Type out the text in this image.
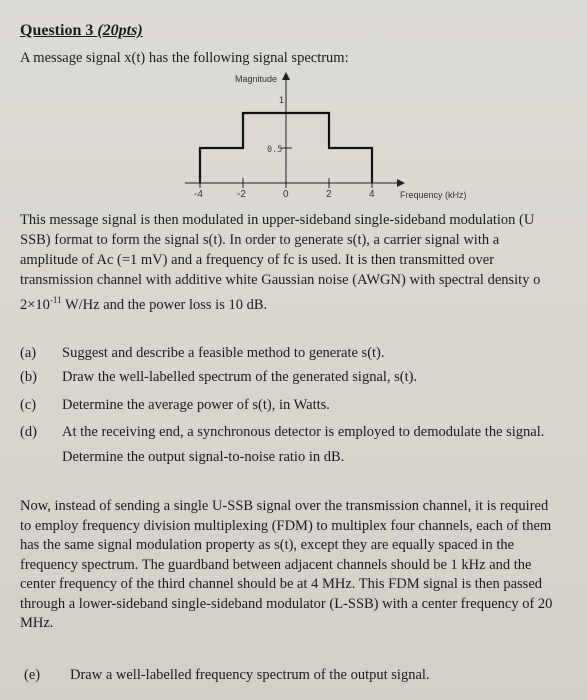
Question 3 (20pts)
A message signal x(t) has the following signal spectrum:
Magnitude
1
0.5
Frequency (kHz)
-4	-2	0	2	4
This message signal is then modulated in upper-sideband single-sideband modulation (U
SSB) format to form the signal s(t). In order to generate s(t), a carrier signal with a
amplitude of Ac (=1 mV) and a frequency of fc is used. It is then transmitted over
transmission channel with additive white Gaussian noise (AWGN) with spectral density o
$2\times 10^{-11}$ W/Hz and the power loss is 10 dB.
(a) Suggest and describe a feasible method to generate s(t).
(b) Draw the well-labelled spectrum of the generated signal, s(t).
(c) Determine the average power of s(t), in Watts.
(d) At the receiving end, a synchronous detector is employed to demodulate the signal.
Determine the output signal-to-noise ratio in dB.
Now, instead of sending a single U-SSB signal over the transmission channel, it is required
to employ frequency division multiplexing (FDM) to multiplex four channels, each of them
has the same signal modulation property as s(t), except they are equally spaced in the
frequency spectrum. The guardband between adjacent channels should be 1 kHz and the
center frequency of the third channel should be at 4 MHz. This FDM signal is then passed
through a lower-sideband single-sideband modulator (L-SSB) with a center frequency of 20
MHz.
(e) Draw a well-labelled frequency spectrum of the output signal.
